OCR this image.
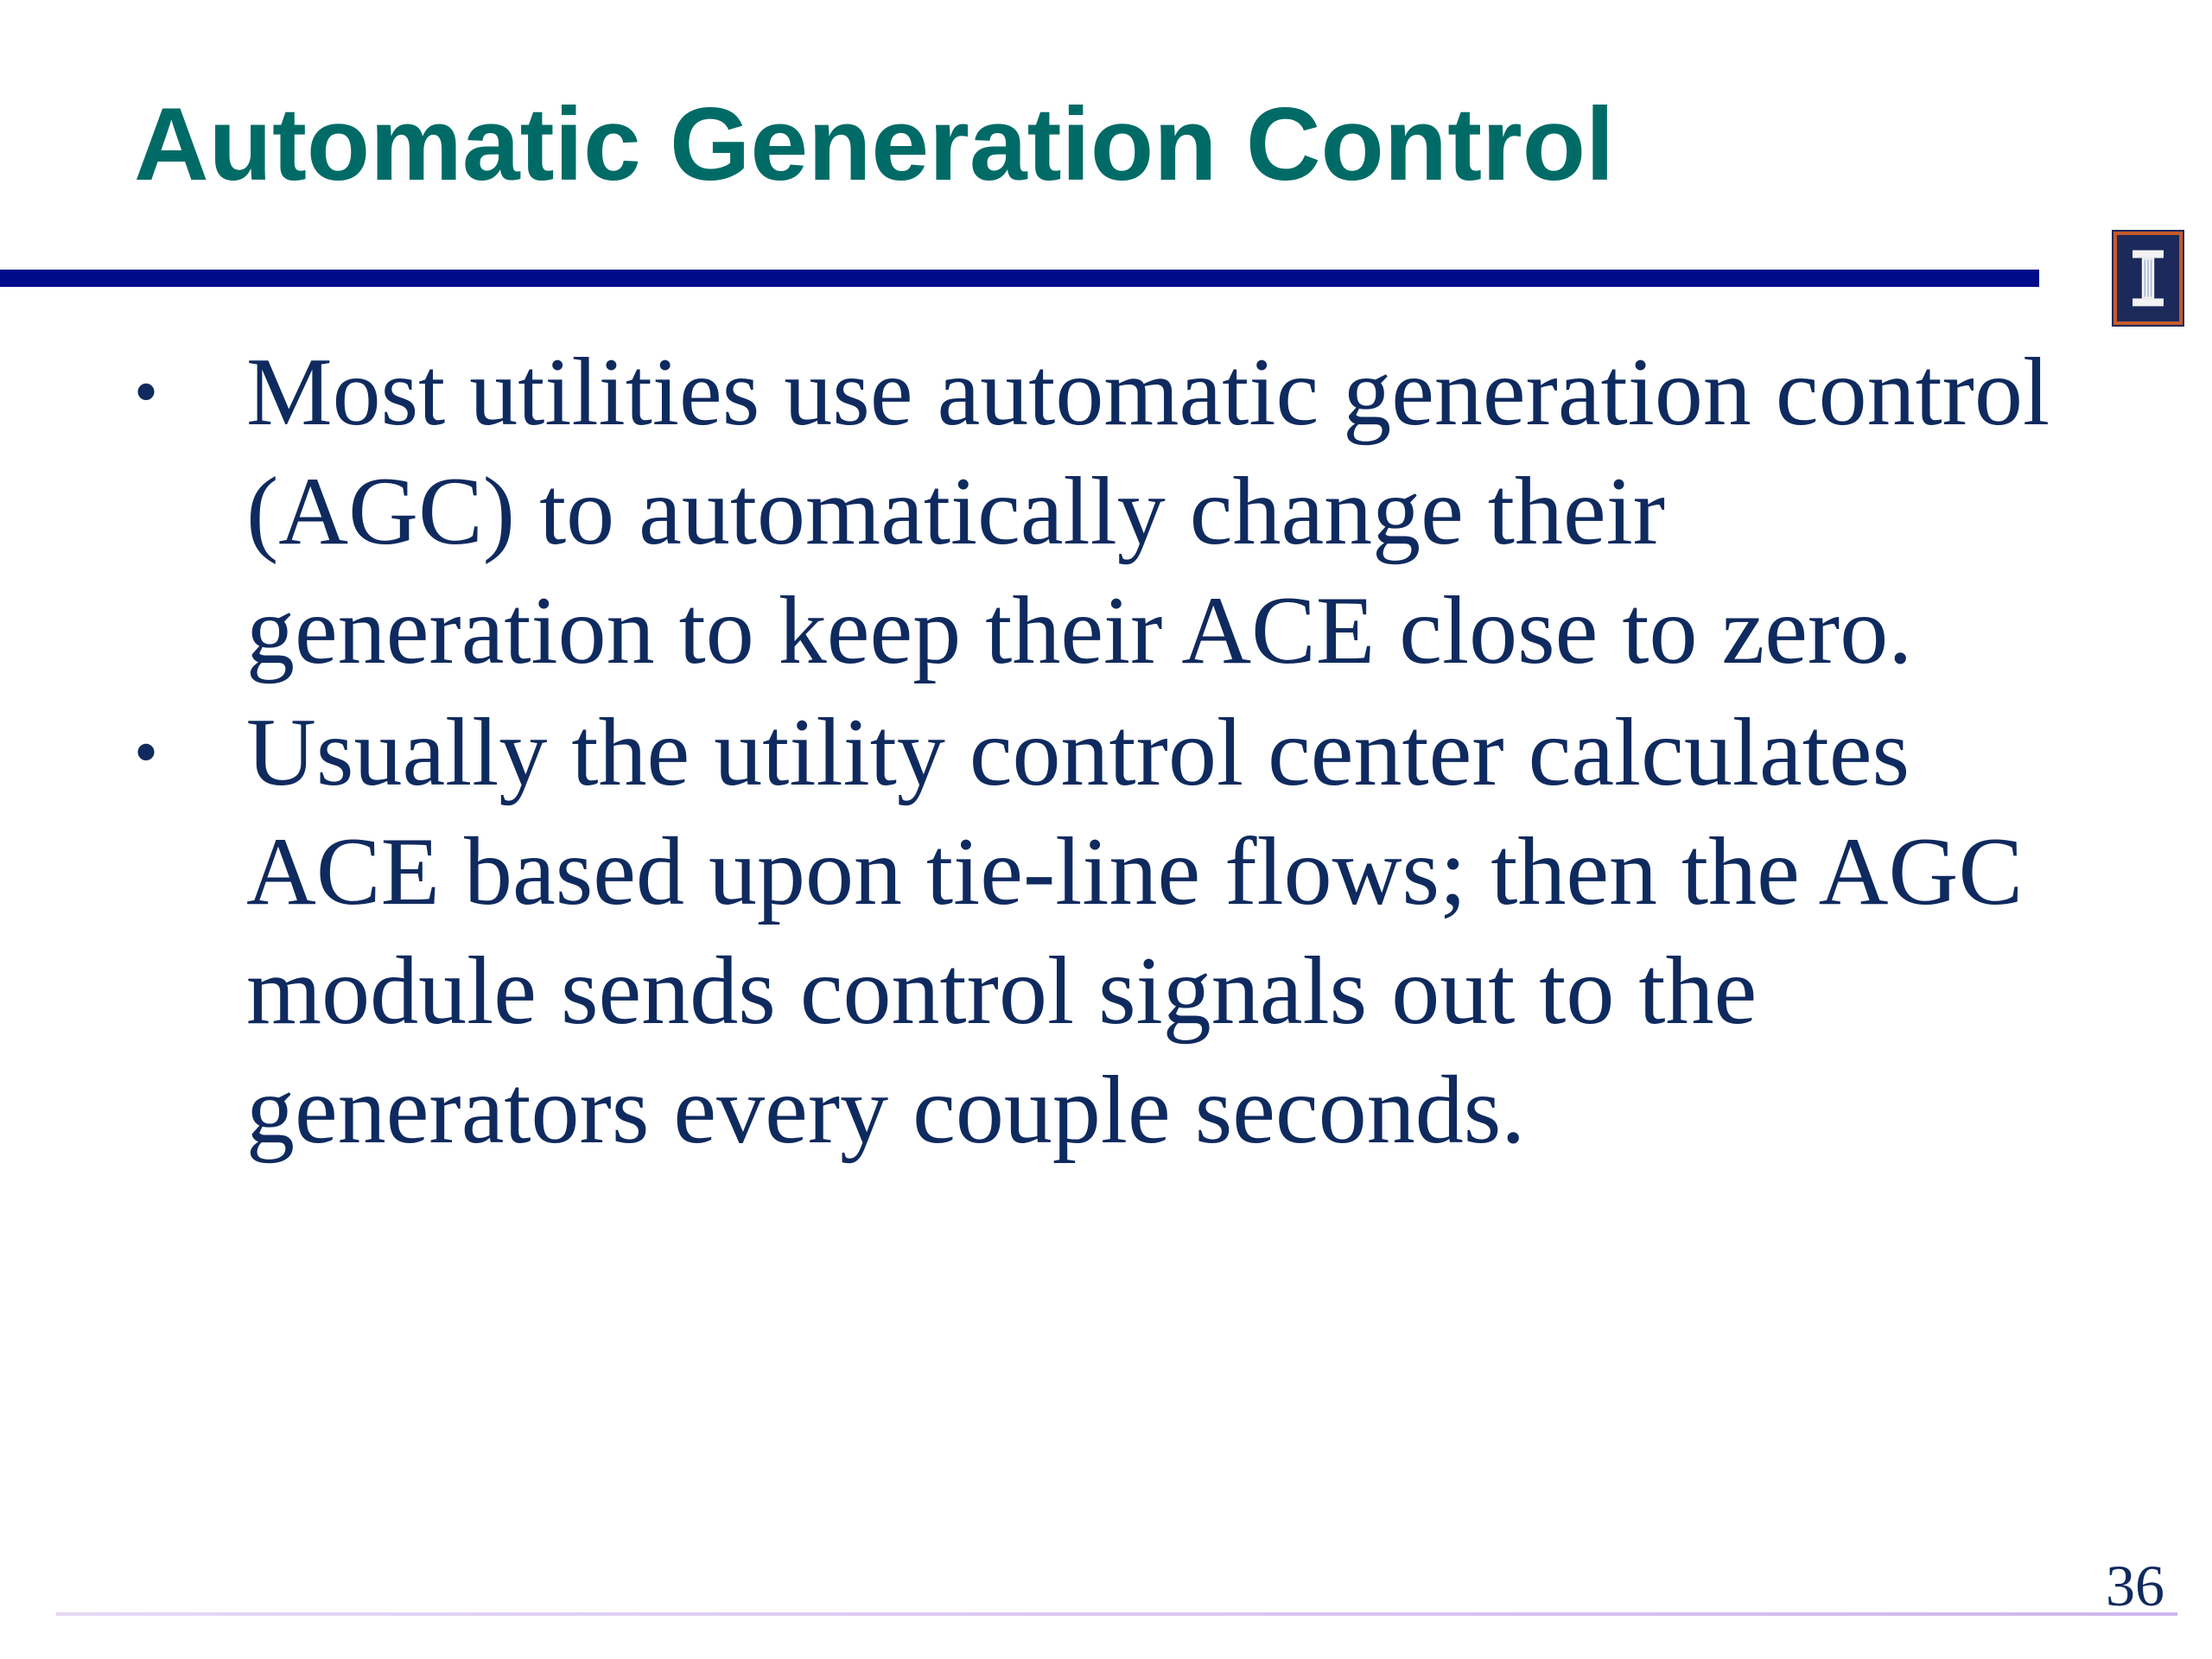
Automatic Generation Control
• Most utilities use automatic generation control (AGC) to automatically change their generation to keep their ACE close to zero.
• Usually the utility control center calculates ACE based upon tie-line flows; then the AGC module sends control signals out to the generators every couple seconds.
36
